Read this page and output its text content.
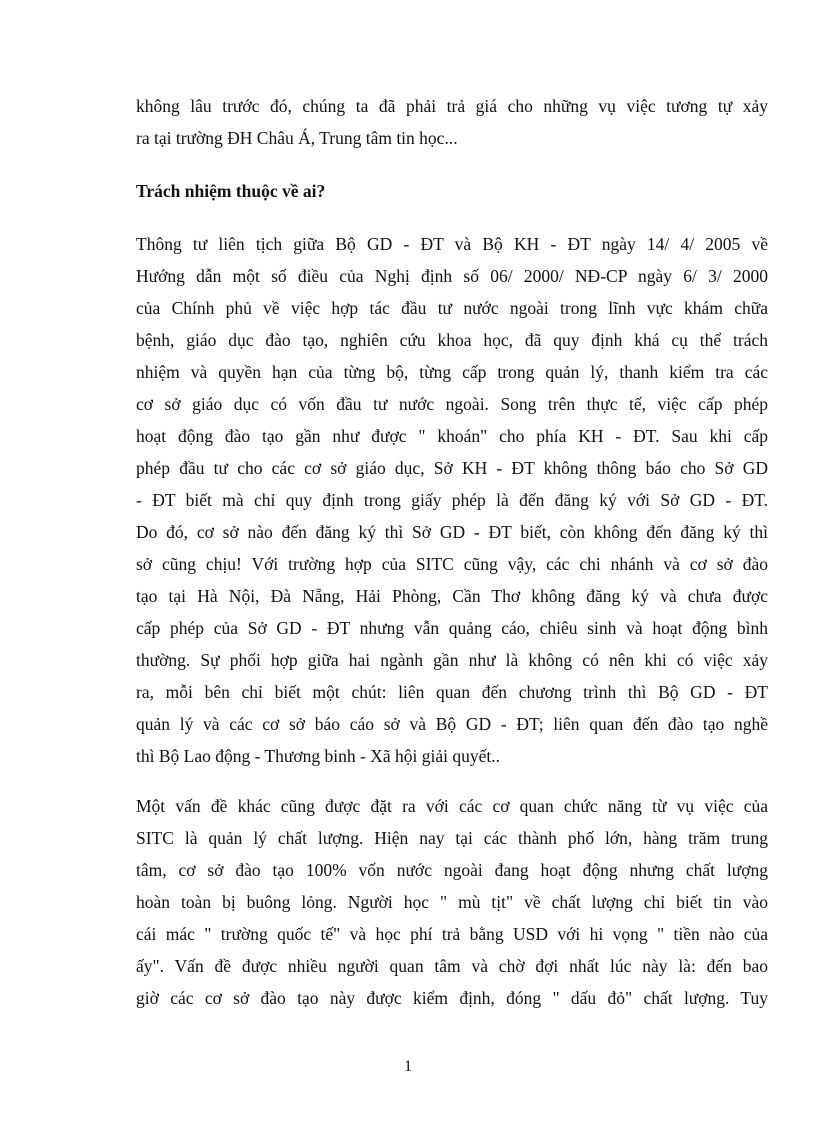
không lâu trước đó, chúng ta đã phải trả giá cho những vụ việc tương tự xảy
ra tại trường ĐH Châu Á, Trung tâm tin học...
Trách nhiệm thuộc về ai?
Thông tư liên tịch giữa Bộ GD - ĐT và Bộ KH - ĐT ngày 14/ 4/ 2005 về
Hướng dẫn một số điều của Nghị định số 06/ 2000/ NĐ-CP ngày 6/ 3/ 2000
của Chính phủ về việc hợp tác đầu tư nước ngoài trong lĩnh vực khám chữa
bệnh, giáo dục đào tạo, nghiên cứu khoa học, đã quy định khá cụ thể trách
nhiệm và quyền hạn của từng bộ, từng cấp trong quản lý, thanh kiểm tra các
cơ sở giáo dục có vốn đầu tư nước ngoài. Song trên thực tế, việc cấp phép
hoạt động đào tạo gần như được " khoán" cho phía KH - ĐT. Sau khi cấp
phép đầu tư cho các cơ sở giáo dục, Sở KH - ĐT không thông báo cho Sở GD
- ĐT biết mà chỉ quy định trong giấy phép là đến đăng ký với Sở GD - ĐT.
Do đó, cơ sở nào đến đăng ký thì Sở GD - ĐT biết, còn không đến đăng ký thì
sở cũng chịu! Với trường hợp của SITC cũng vậy, các chi nhánh và cơ sở đào
tạo tại Hà Nội, Đà Nẵng, Hải Phòng, Cần Thơ không đăng ký và chưa được
cấp phép của Sở GD - ĐT nhưng vẫn quảng cáo, chiêu sinh và hoạt động bình
thường. Sự phối hợp giữa hai ngành gần như là không có nên khi có việc xảy
ra, mỗi bên chỉ biết một chút: liên quan đến chương trình thì Bộ GD - ĐT
quản lý và các cơ sở báo cáo sở và Bộ GD - ĐT; liên quan đến đào tạo nghề
thì Bộ Lao động - Thương binh - Xã hội giải quyết..
Một vấn đề khác cũng được đặt ra với các cơ quan chức năng từ vụ việc của
SITC là quản lý chất lượng. Hiện nay tại các thành phố lớn, hàng trăm trung
tâm, cơ sở đào tạo 100% vốn nước ngoài đang hoạt động nhưng chất lượng
hoàn toàn bị buông lỏng. Người học " mù tịt" về chất lượng chỉ biết tin vào
cái mác " trường quốc tế" và học phí trả bằng USD với hi vọng " tiền nào của
ấy". Vấn đề được nhiều người quan tâm và chờ đợi nhất lúc này là: đến bao
giờ các cơ sở đào tạo này được kiểm định, đóng " dấu đỏ" chất lượng. Tuy
1
